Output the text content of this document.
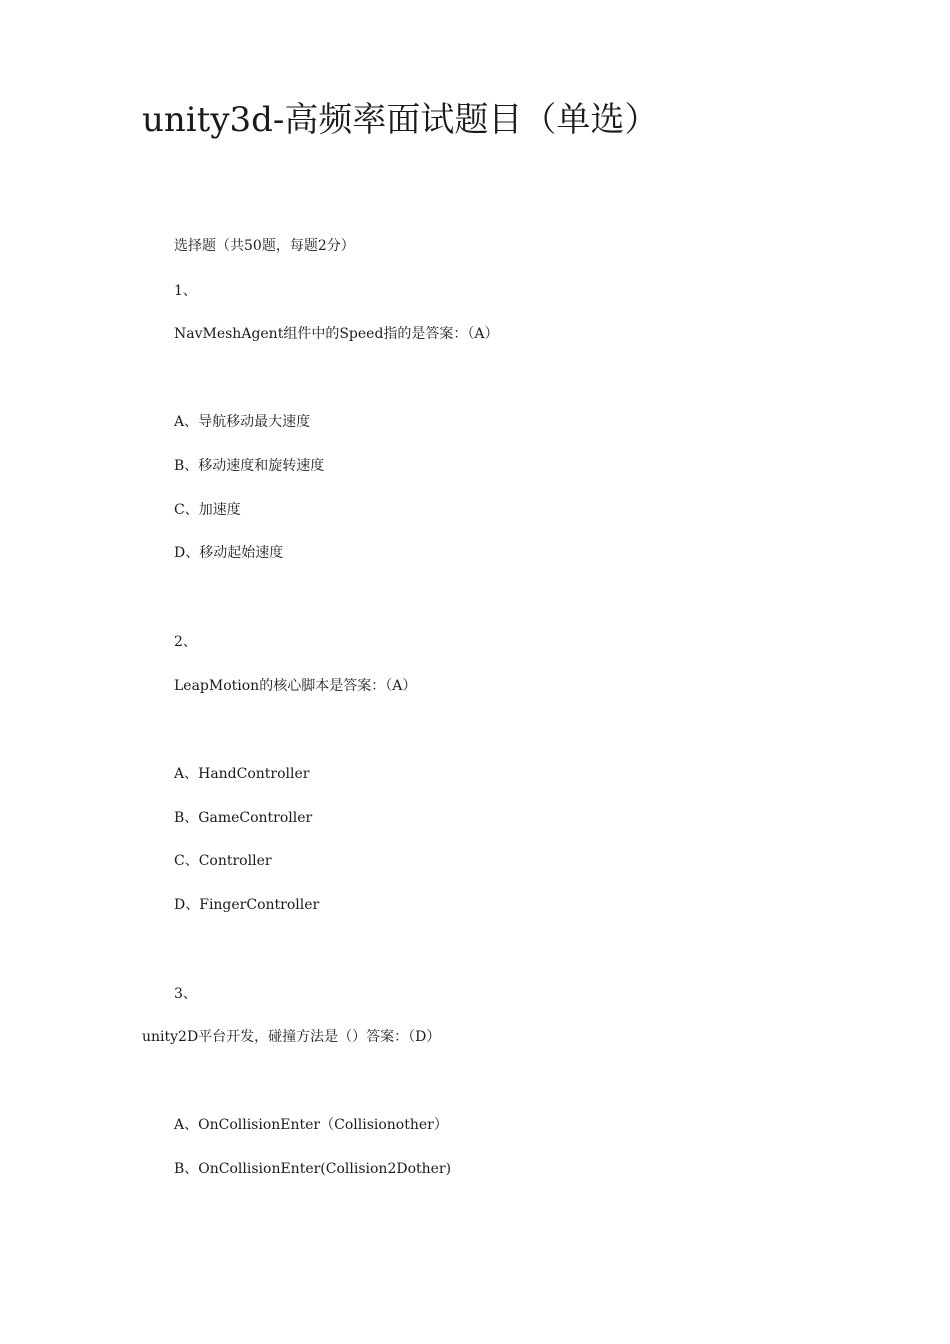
unity3d-高频率面试题目（单选）
选择题（共50题，每题2分）
1、
NavMeshAgent组件中的Speed指的是答案：（A）
A、导航移动最大速度
B、移动速度和旋转速度
C、加速度
D、移动起始速度
2、
LeapMotion的核心脚本是答案：（A）
A、HandController
B、GameController
C、Controller
D、FingerController
3、
unity2D平台开发，碰撞方法是（）答案：（D）
A、OnCollisionEnter（Collisionother）
B、OnCollisionEnter(Collision2Dother)
